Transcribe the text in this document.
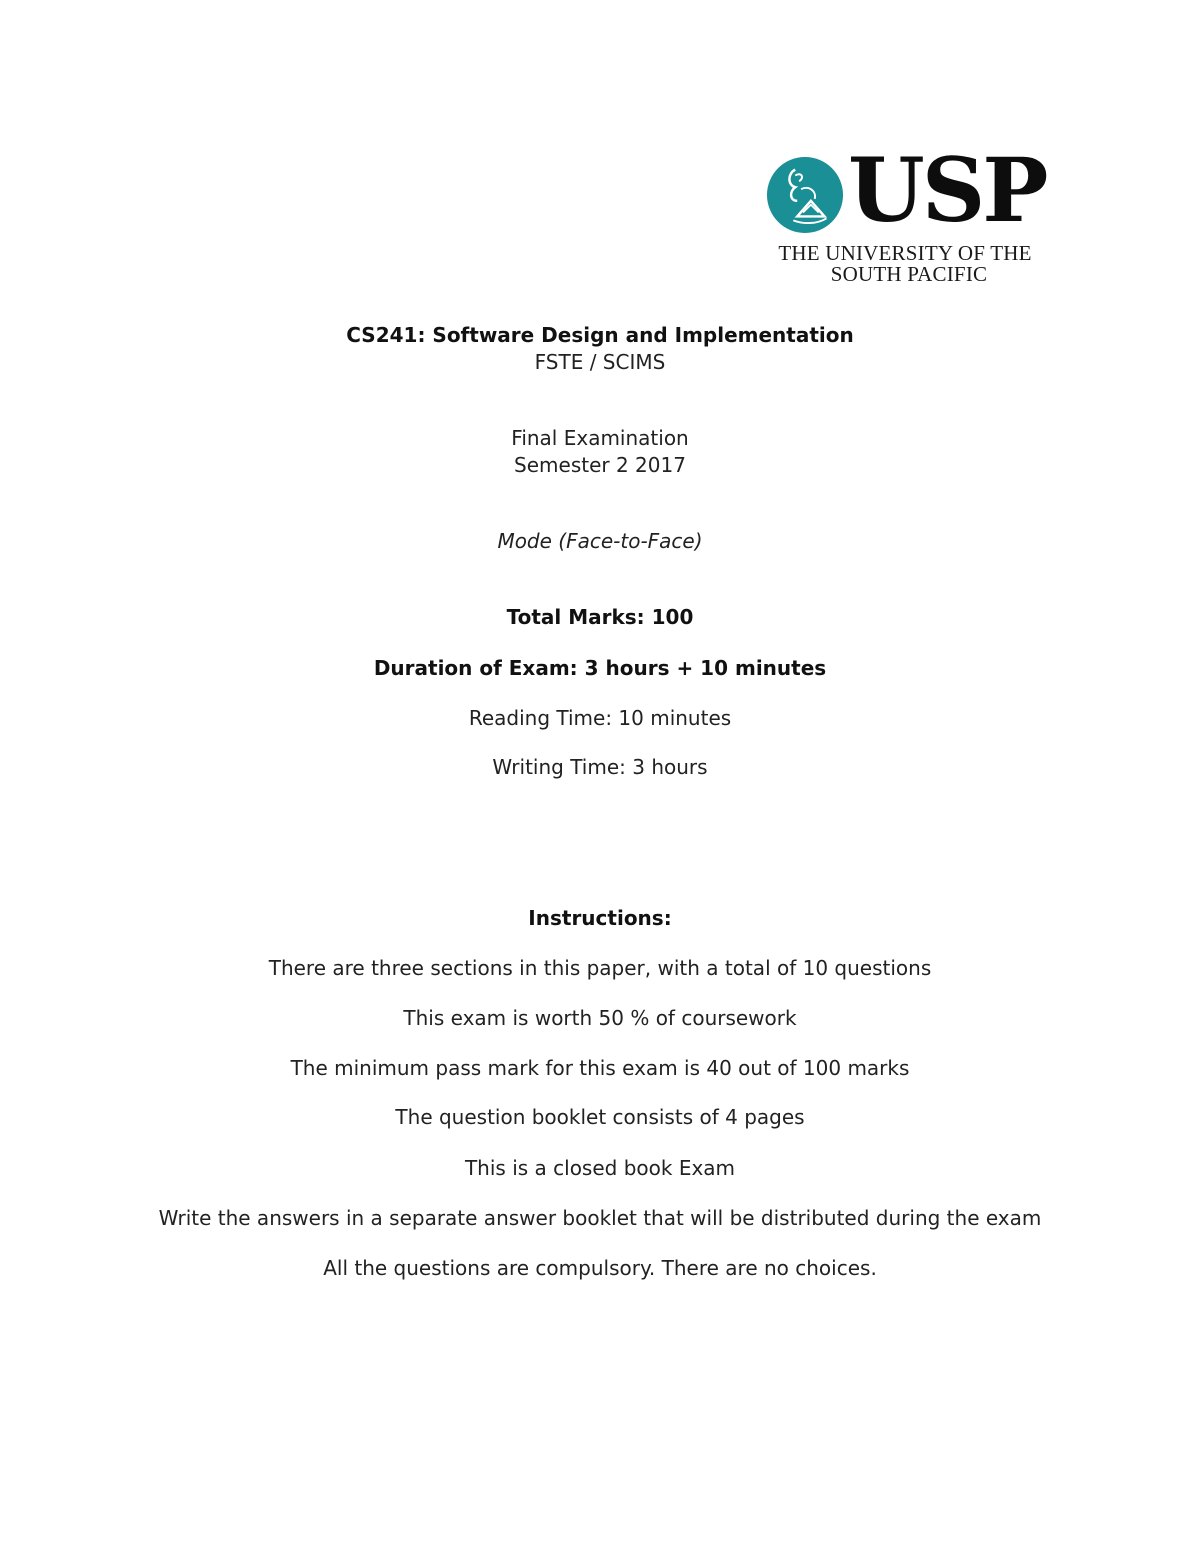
USP
THE UNIVERSITY OF THE
SOUTH PACIFIC
CS241: Software Design and Implementation
FSTE / SCIMS
Final Examination
Semester 2 2017
Mode (Face-to-Face)
Total Marks: 100
Duration of Exam: 3 hours + 10 minutes
Reading Time: 10 minutes
Writing Time: 3 hours
Instructions:
There are three sections in this paper, with a total of 10 questions
This exam is worth 50 % of coursework
The minimum pass mark for this exam is 40 out of 100 marks
The question booklet consists of 4 pages
This is a closed book Exam
Write the answers in a separate answer booklet that will be distributed during the exam
All the questions are compulsory. There are no choices.
